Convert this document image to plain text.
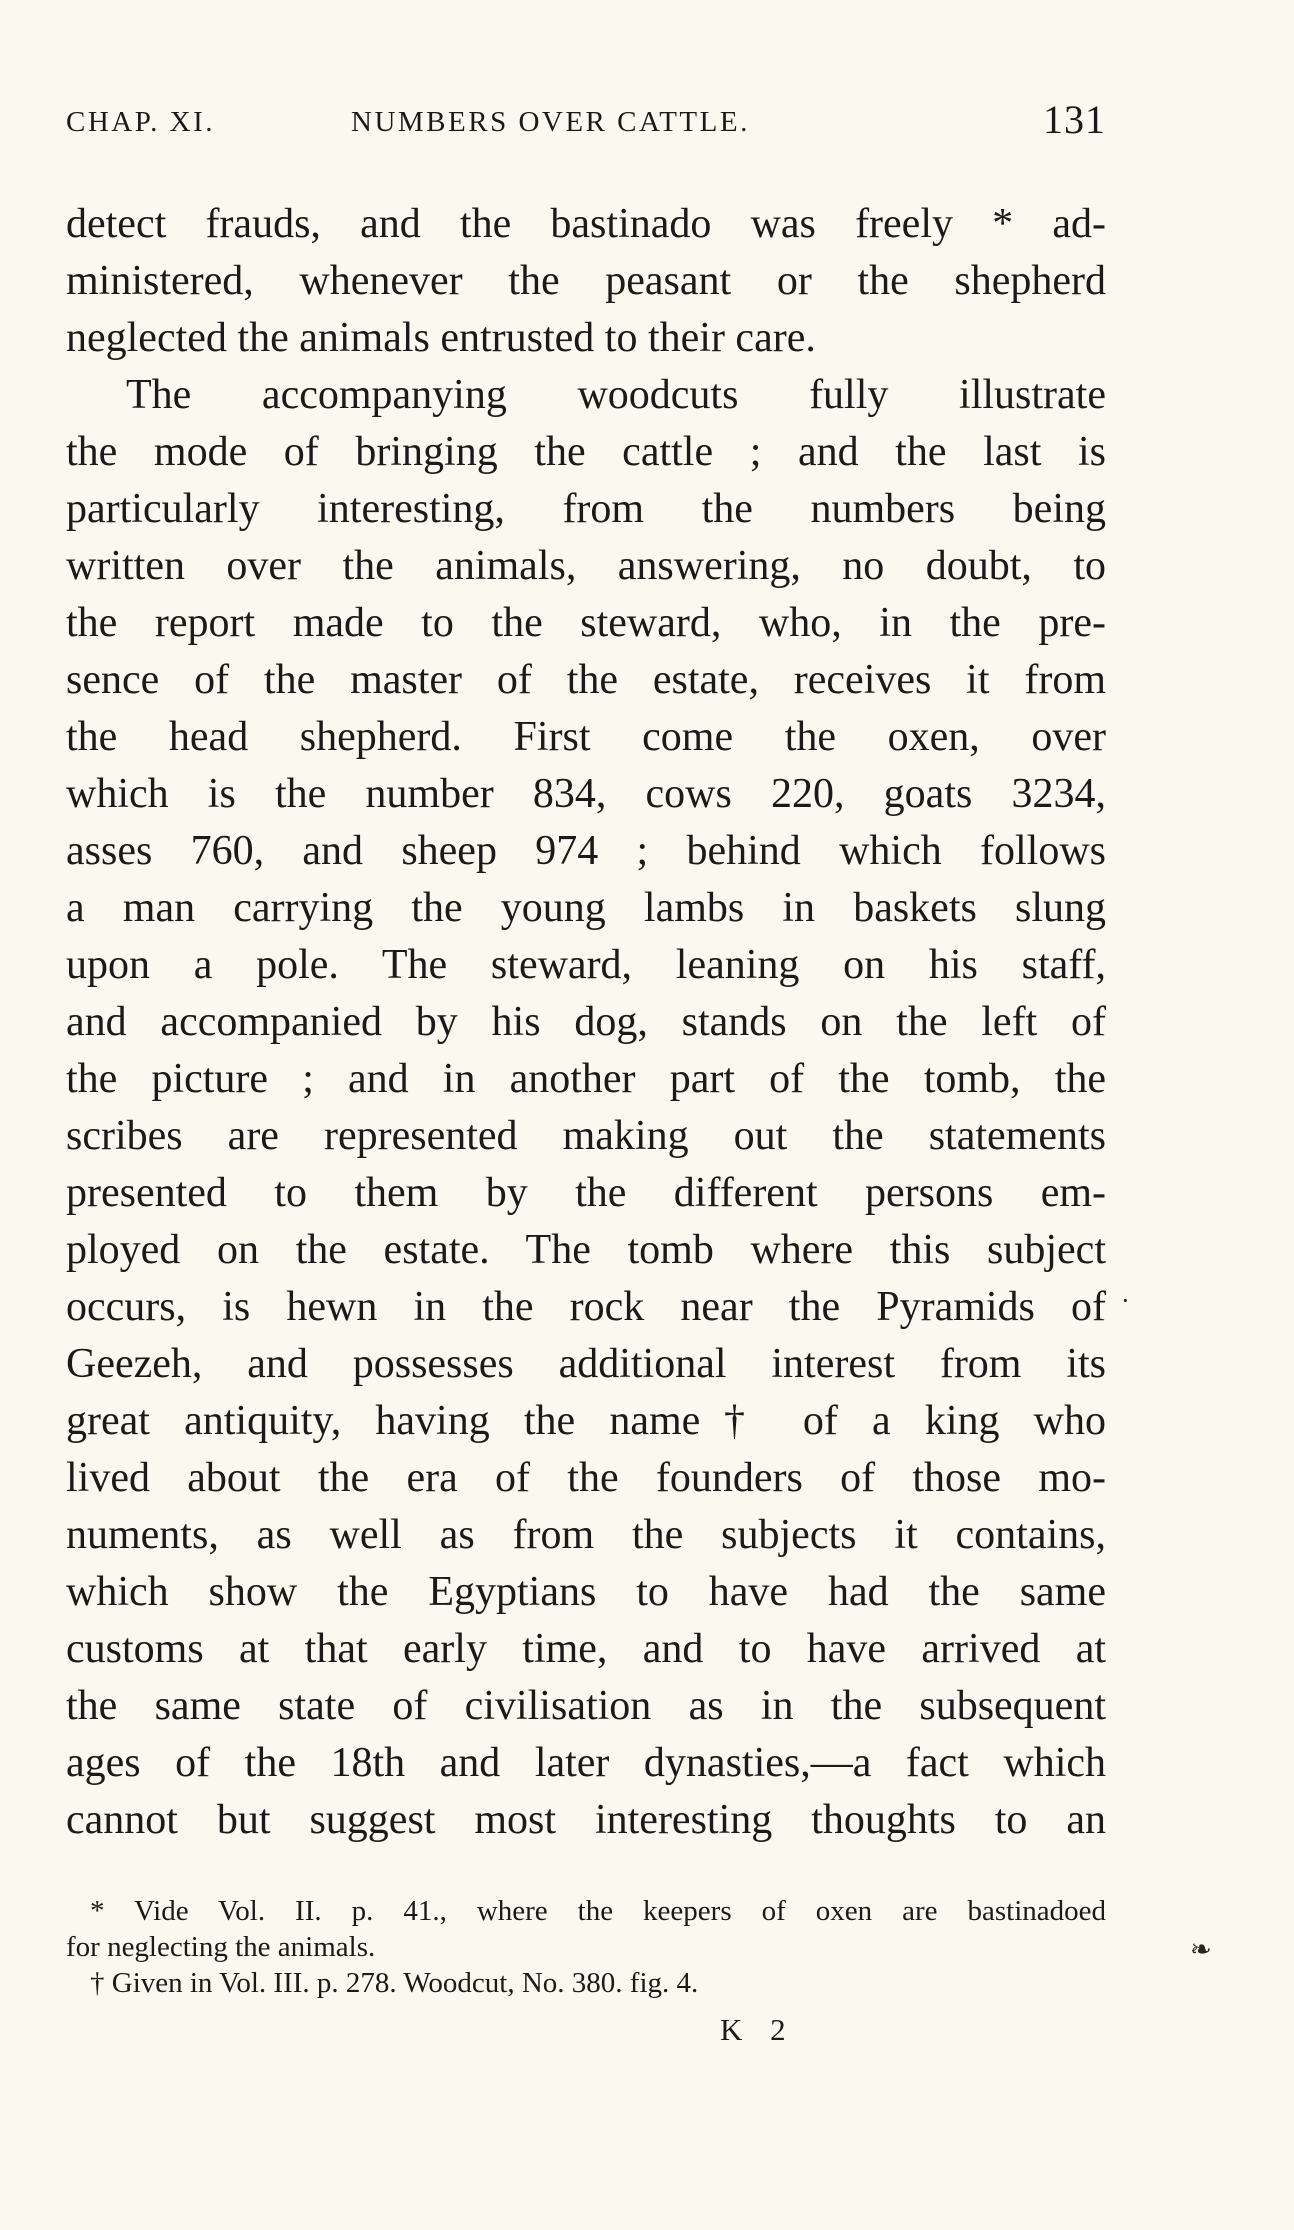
CHAP. XI.	NUMBERS OVER CATTLE.	131
detect frauds, and the bastinado was freely * ad-
ministered, whenever the peasant or the shepherd
neglected the animals entrusted to their care.
The accompanying woodcuts fully illustrate
the mode of bringing the cattle ; and the last is
particularly interesting, from the numbers being
written over the animals, answering, no doubt, to
the report made to the steward, who, in the pre-
sence of the master of the estate, receives it from
the head shepherd. First come the oxen, over
which is the number 834, cows 220, goats 3234,
asses 760, and sheep 974 ; behind which follows
a man carrying the young lambs in baskets slung
upon a pole. The steward, leaning on his staff,
and accompanied by his dog, stands on the left of
the picture ; and in another part of the tomb, the
scribes are represented making out the statements
presented to them by the different persons em-
ployed on the estate. The tomb where this subject
occurs, is hewn in the rock near the Pyramids of
Geezeh, and possesses additional interest from its
great antiquity, having the name† of a king who
lived about the era of the founders of those mo-
numents, as well as from the subjects it contains,
which show the Egyptians to have had the same
customs at that early time, and to have arrived at
the same state of civilisation as in the subsequent
ages of the 18th and later dynasties,—a fact which
cannot but suggest most interesting thoughts to an
·
* Vide Vol. II. p. 41., where the keepers of oxen are bastinadoed
for neglecting the animals.
† Given in Vol. III. p. 278. Woodcut, No. 380. fig. 4.
❧
K 2
